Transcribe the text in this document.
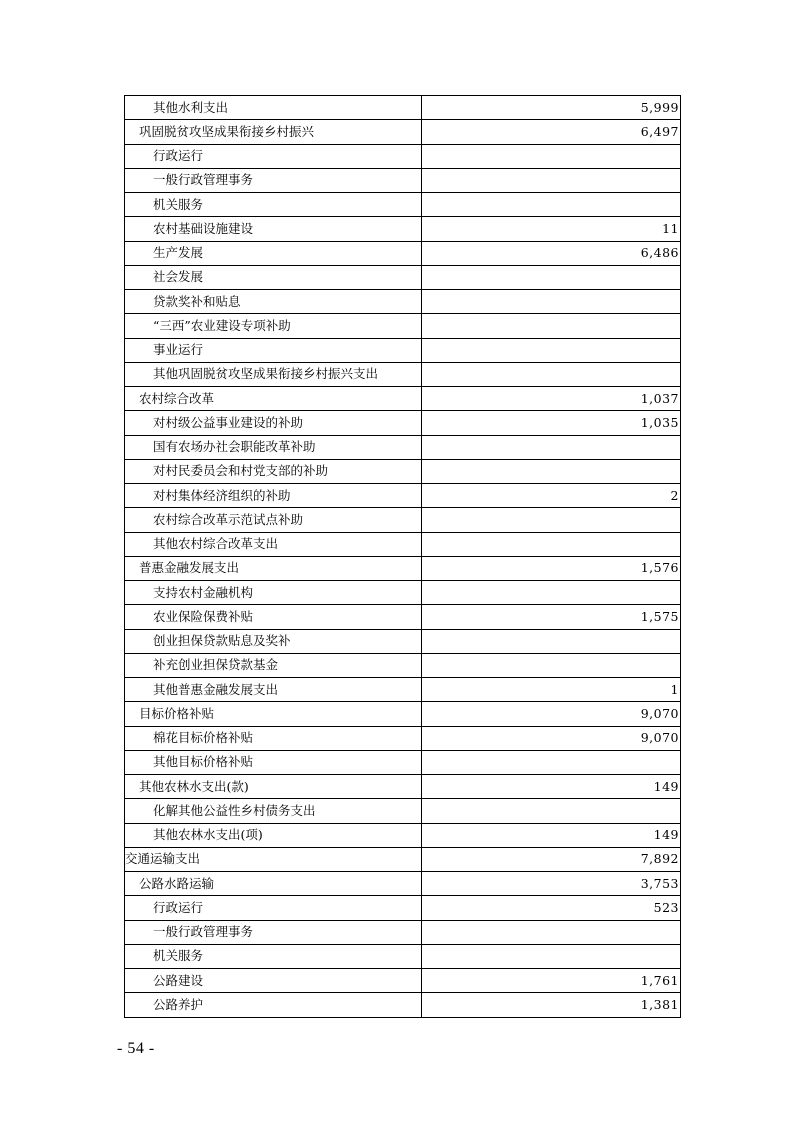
其他水利支出	5,999
巩固脱贫攻坚成果衔接乡村振兴	6,497
行政运行	
一般行政管理事务	
机关服务	
农村基础设施建设	11
生产发展	6,486
社会发展	
贷款奖补和贴息	
“三西”农业建设专项补助	
事业运行	
其他巩固脱贫攻坚成果衔接乡村振兴支出	
农村综合改革	1,037
对村级公益事业建设的补助	1,035
国有农场办社会职能改革补助	
对村民委员会和村党支部的补助	
对村集体经济组织的补助	2
农村综合改革示范试点补助	
其他农村综合改革支出	
普惠金融发展支出	1,576
支持农村金融机构	
农业保险保费补贴	1,575
创业担保贷款贴息及奖补	
补充创业担保贷款基金	
其他普惠金融发展支出	1
目标价格补贴	9,070
棉花目标价格补贴	9,070
其他目标价格补贴	
其他农林水支出(款)	149
化解其他公益性乡村债务支出	
其他农林水支出(项)	149
交通运输支出	7,892
公路水路运输	3,753
行政运行	523
一般行政管理事务	
机关服务	
公路建设	1,761
公路养护	1,381
- 54 -
